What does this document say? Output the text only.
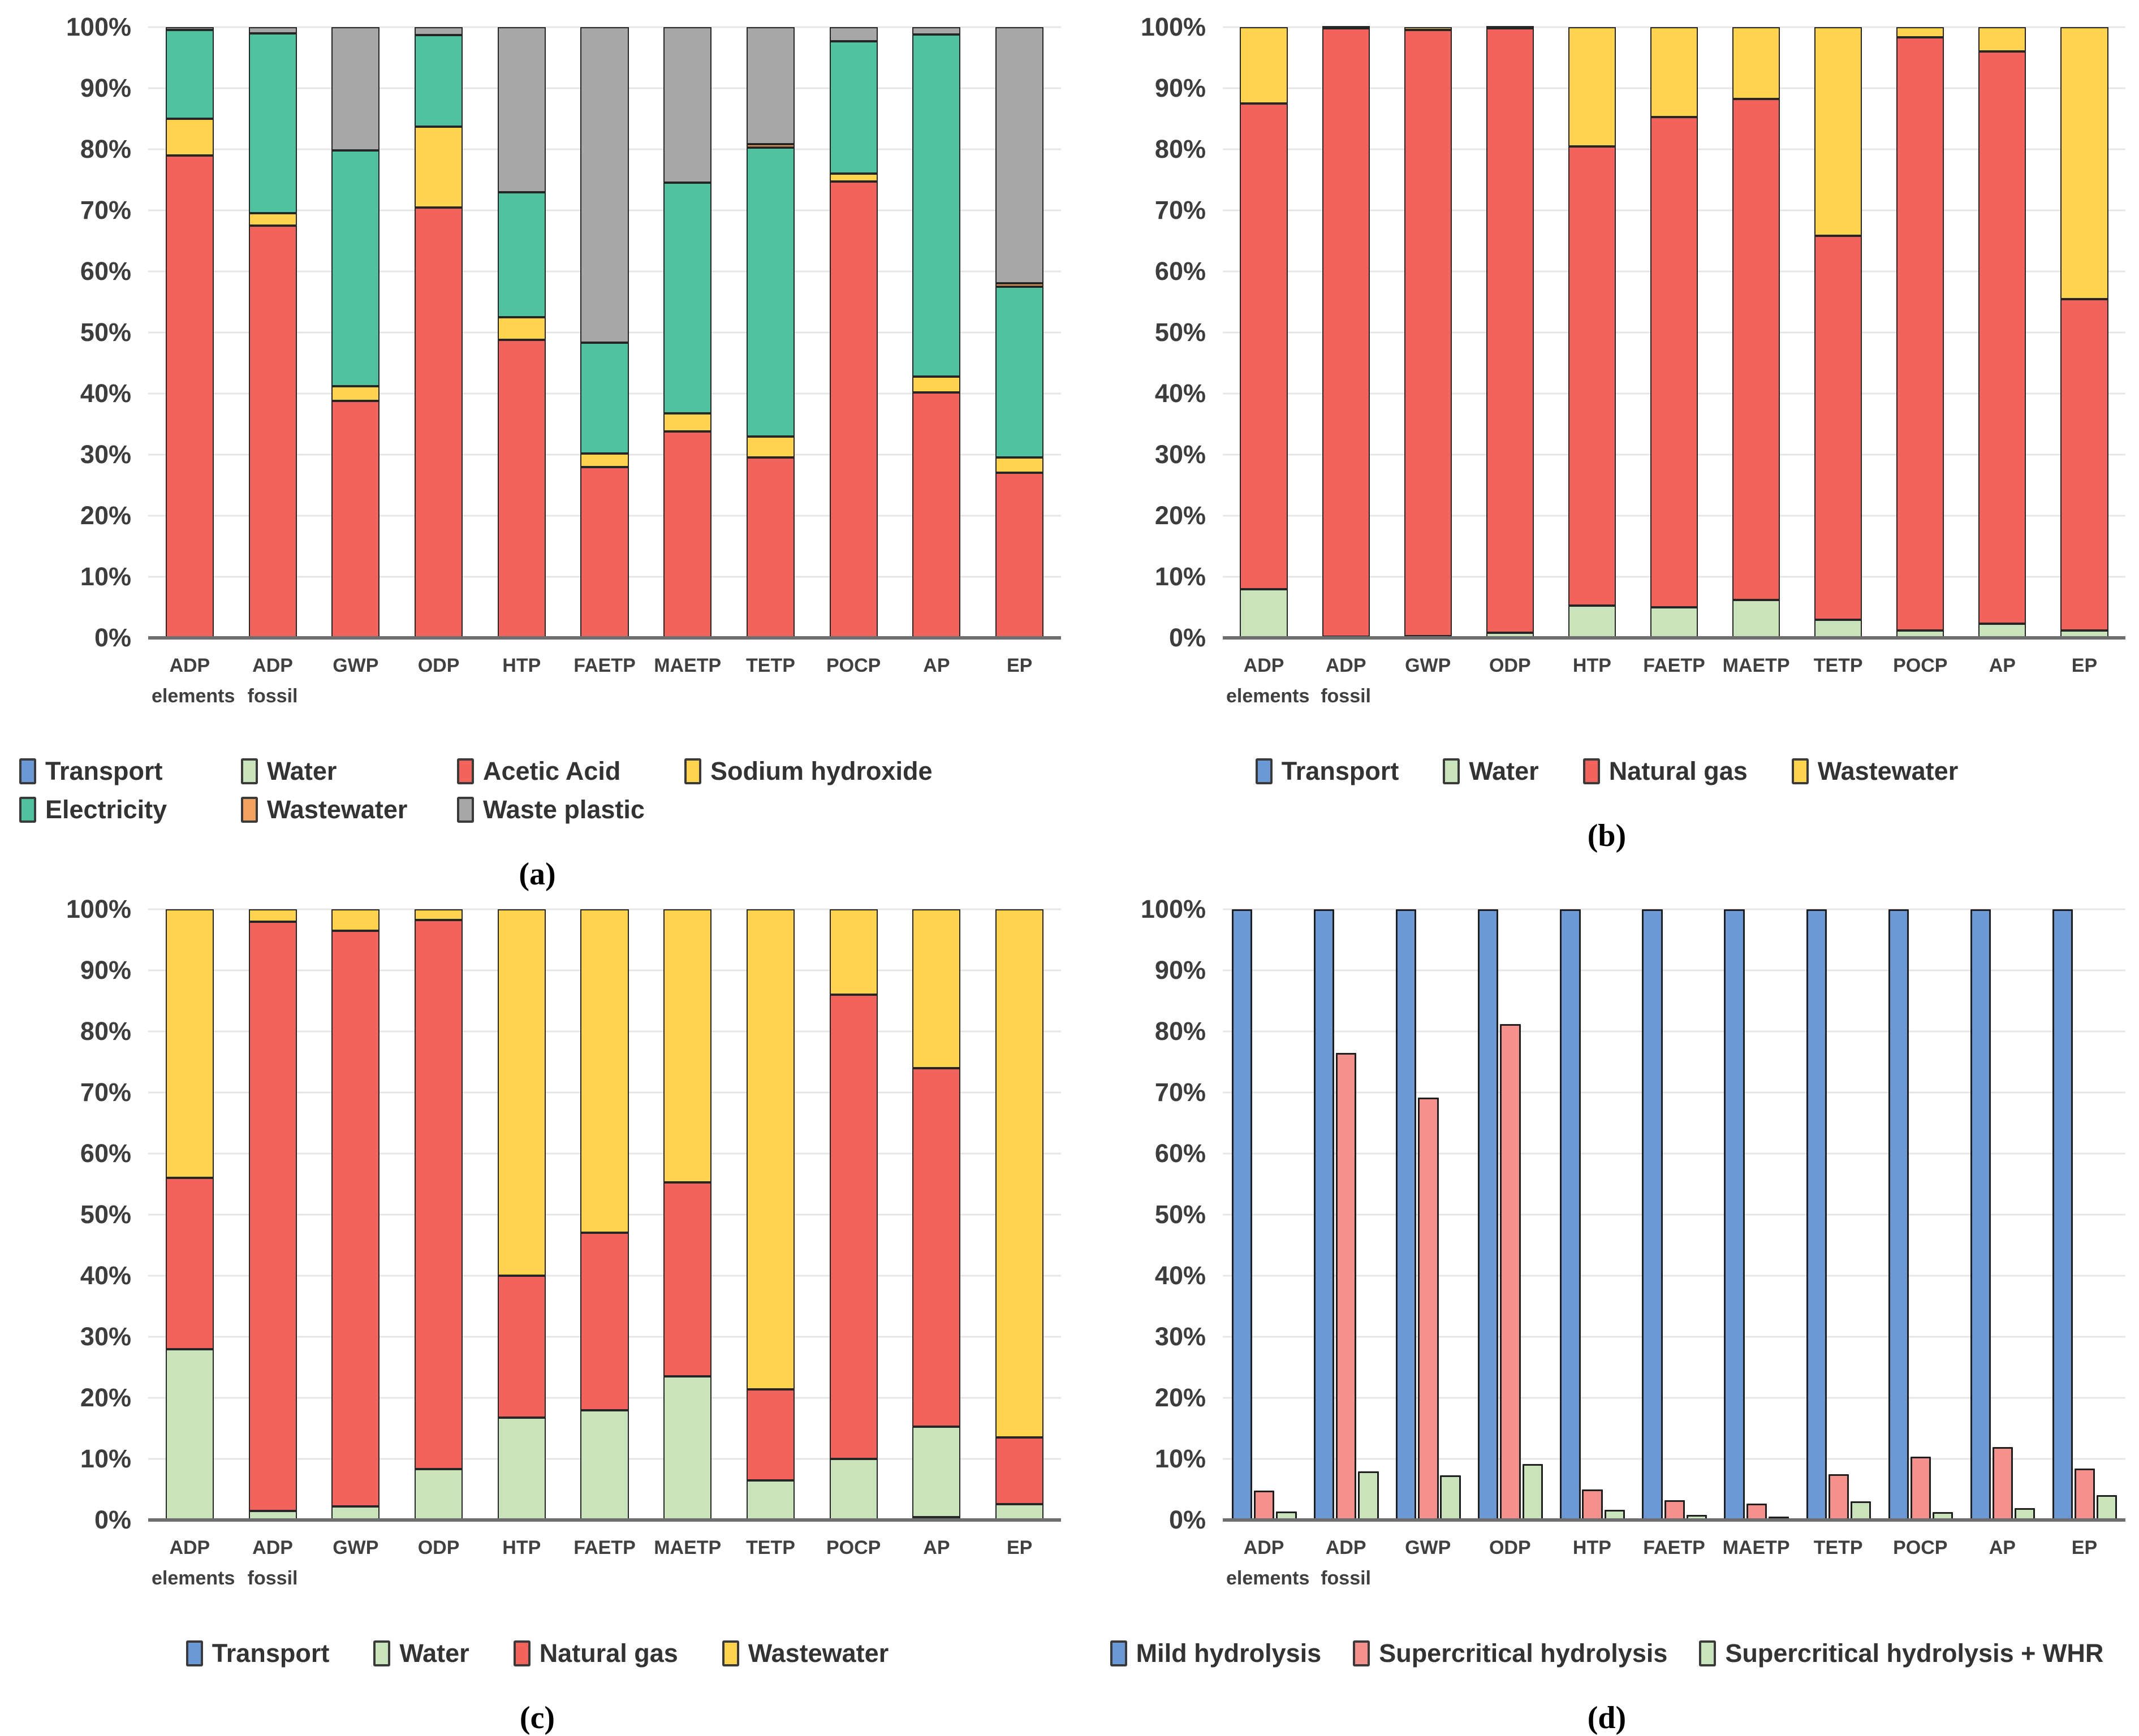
100%
90%
80%
70%
60%
50%
40%
30%
20%
10%
0%
ADP elements
ADP fossil
GWP	ODP	HTP	FAETP MAETP	TETP	POCP	AP	EP
Transport	Water	Acetic Acid	Sodium hydroxide
Electricity	Wastewater	Waste plastic
(a)
100%
90%
80%
70%
60%
50%
40%
30%
20%
10%
0%
ADP elements
ADP fossil
GWP	ODP	HTP	FAETP MAETP	TETP	POCP	AP	EP
Transport	Water	Natural gas	Wastewater
(b)
100%
90%
80%
70%
60%
50%
40%
30%
20%
10%
0%
ADP elements
ADP fossil
GWP	ODP	HTP	FAETP MAETP	TETP	POCP	AP	EP
Transport	Water	Natural gas	Wastewater
(c)
100%
90%
80%
70%
60%
50%
40%
30%
20%
10%
0%
ADP elements
ADP fossil
GWP	ODP	HTP	FAETP MAETP	TETP	POCP	AP	EP
Mild hydrolysis Supercritical hydrolysis Supercritical hydrolysis + WHR
(d)
